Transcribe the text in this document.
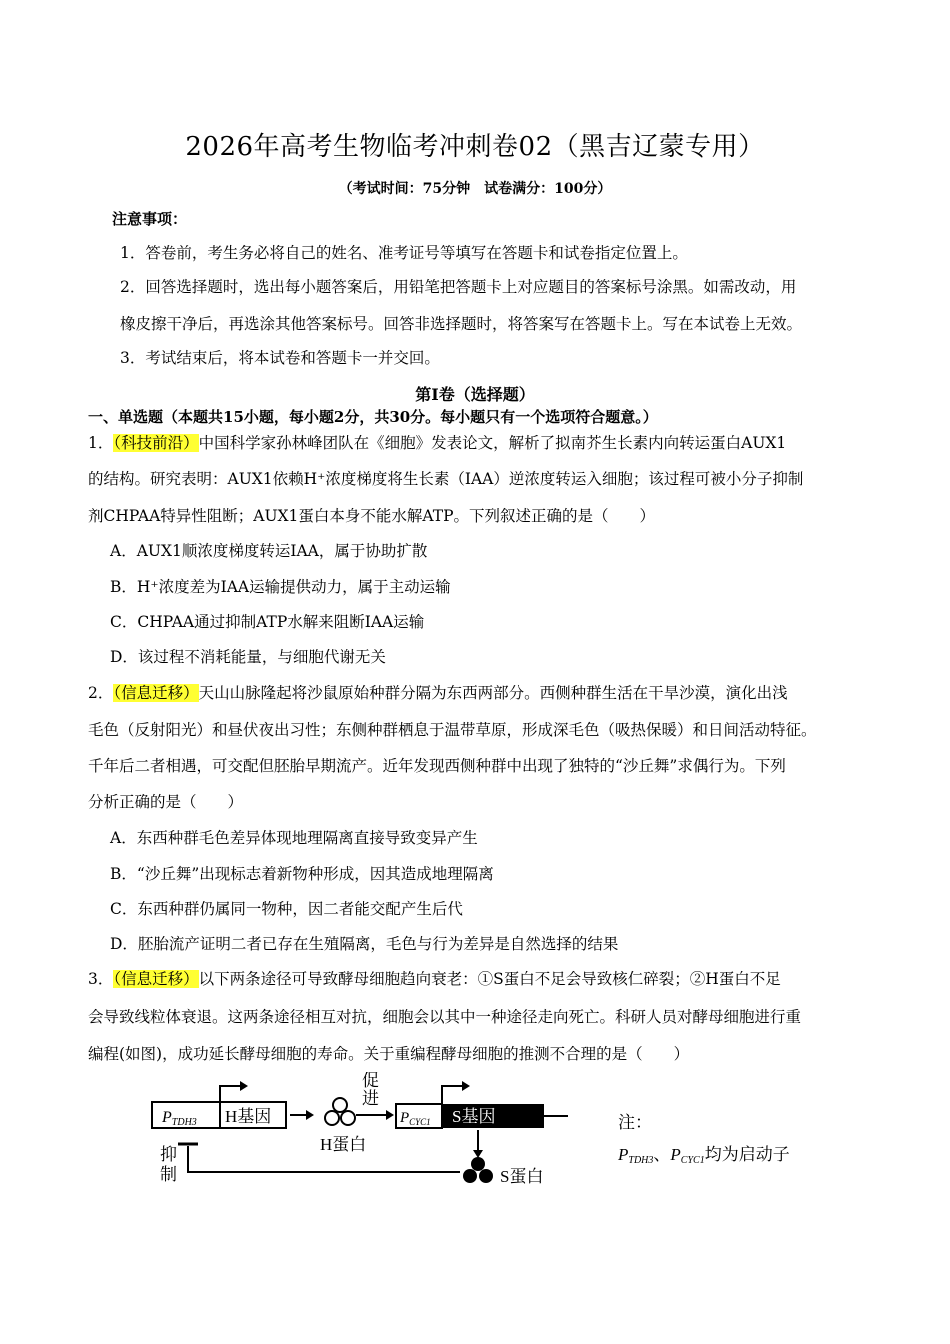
2026年高考生物临考冲刺卷02（黑吉辽蒙专用）
（考试时间：75分钟　试卷满分：100分）
注意事项：
1．答卷前，考生务必将自己的姓名、准考证号等填写在答题卡和试卷指定位置上。
2．回答选择题时，选出每小题答案后，用铅笔把答题卡上对应题目的答案标号涂黑。如需改动，用
橡皮擦干净后，再选涂其他答案标号。回答非选择题时，将答案写在答题卡上。写在本试卷上无效。
3．考试结束后，将本试卷和答题卡一并交回。
第Ⅰ卷（选择题）
一、单选题（本题共15小题，每小题2分，共30分。每小题只有一个选项符合题意。）
1．（科技前沿）中国科学家孙林峰团队在《细胞》发表论文，解析了拟南芥生长素内向转运蛋白AUX1
的结构。研究表明：AUX1依赖H⁺浓度梯度将生长素（IAA）逆浓度转运入细胞；该过程可被小分子抑制
剂CHPAA特异性阻断；AUX1蛋白本身不能水解ATP。下列叙述正确的是（　　）
A．AUX1顺浓度梯度转运IAA，属于协助扩散
B．H⁺浓度差为IAA运输提供动力，属于主动运输
C．CHPAA通过抑制ATP水解来阻断IAA运输
D．该过程不消耗能量，与细胞代谢无关
2．（信息迁移）天山山脉隆起将沙鼠原始种群分隔为东西两部分。西侧种群生活在干旱沙漠，演化出浅
毛色（反射阳光）和昼伏夜出习性；东侧种群栖息于温带草原，形成深毛色（吸热保暖）和日间活动特征。
千年后二者相遇，可交配但胚胎早期流产。近年发现西侧种群中出现了独特的“沙丘舞”求偶行为。下列
分析正确的是（　　）
A．东西种群毛色差异体现地理隔离直接导致变异产生
B．“沙丘舞”出现标志着新物种形成，因其造成地理隔离
C．东西种群仍属同一物种，因二者能交配产生后代
D．胚胎流产证明二者已存在生殖隔离，毛色与行为差异是自然选择的结果
3．（信息迁移）以下两条途径可导致酵母细胞趋向衰老：①S蛋白不足会导致核仁碎裂；②H蛋白不足
会导致线粒体衰退。这两条途径相互对抗，细胞会以其中一种途径走向死亡。科研人员对酵母细胞进行重
编程(如图)，成功延长酵母细胞的寿命。关于重编程酵母细胞的推测不合理的是（　　）
PTDH3 H基因
H蛋白
促进
$P_{CYC1}$ S基因
S蛋白
抑
制
注：
PTDH3、PCYC1均为启动子
